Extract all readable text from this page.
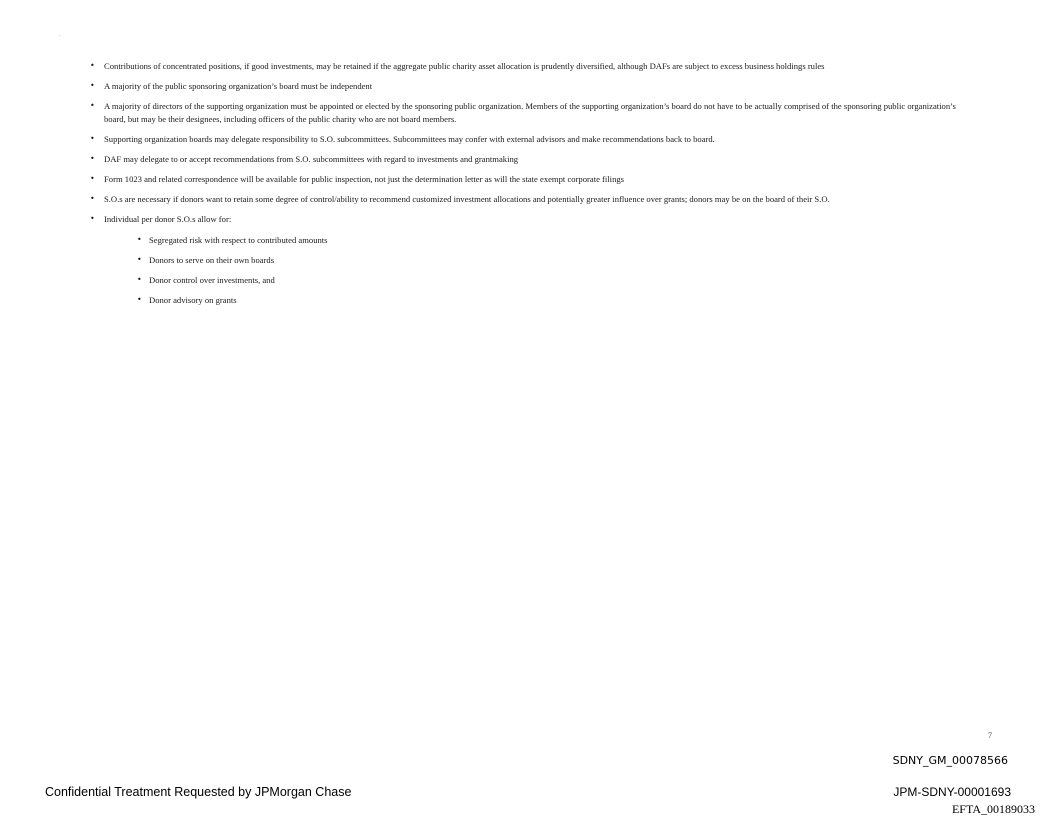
.
• Contributions of concentrated positions, if good investments, may be retained if the aggregate public charity asset allocation is prudently diversified, although DAFs are subject to excess business holdings rules
• A majority of the public sponsoring organization’s board must be independent
• A majority of directors of the supporting organization must be appointed or elected by the sponsoring public organization. Members of the supporting organization’s board do not have to be actually comprised of the sponsoring public organization’s board, but may be their designees, including officers of the public charity who are not board members.
• Supporting organization boards may delegate responsibility to S.O. subcommittees. Subcommittees may confer with external advisors and make recommendations back to board.
• DAF may delegate to or accept recommendations from S.O. subcommittees with regard to investments and grantmaking
• Form 1023 and related correspondence will be available for public inspection, not just the determination letter as will the state exempt corporate filings
• S.O.s are necessary if donors want to retain some degree of control/ability to recommend customized investment allocations and potentially greater influence over grants; donors may be on the board of their S.O.
• Individual per donor S.O.s allow for:
• Segregated risk with respect to contributed amounts
• Donors to serve on their own boards
• Donor control over investments, and
• Donor advisory on grants
7
SDNY_GM_00078566
Confidential Treatment Requested by JPMorgan Chase	JPM-SDNY-00001693
EFTA_00189033
